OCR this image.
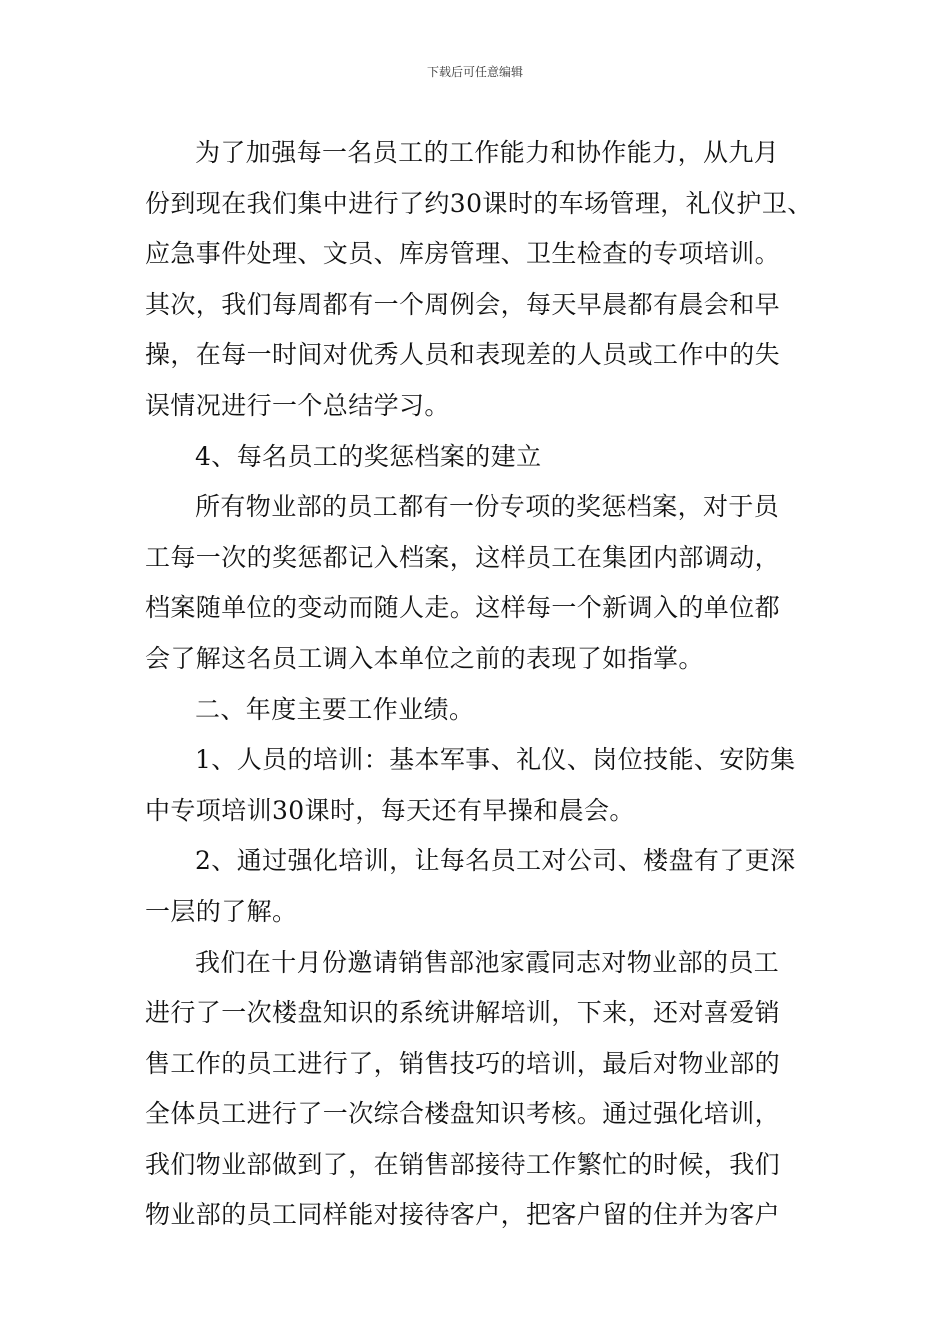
下载后可任意编辑
为了加强每一名员工的工作能力和协作能力，从九月
份到现在我们集中进行了约30课时的车场管理，礼仪护卫、
应急事件处理、文员、库房管理、卫生检查的专项培训。
其次，我们每周都有一个周例会，每天早晨都有晨会和早
操，在每一时间对优秀人员和表现差的人员或工作中的失
误情况进行一个总结学习。
4、每名员工的奖惩档案的建立
所有物业部的员工都有一份专项的奖惩档案，对于员
工每一次的奖惩都记入档案，这样员工在集团内部调动，
档案随单位的变动而随人走。这样每一个新调入的单位都
会了解这名员工调入本单位之前的表现了如指掌。
二、年度主要工作业绩。
1、人员的培训：基本军事、礼仪、岗位技能、安防集
中专项培训30课时，每天还有早操和晨会。
2、通过强化培训，让每名员工对公司、楼盘有了更深
一层的了解。
我们在十月份邀请销售部池家霞同志对物业部的员工
进行了一次楼盘知识的系统讲解培训，下来，还对喜爱销
售工作的员工进行了，销售技巧的培训，最后对物业部的
全体员工进行了一次综合楼盘知识考核。通过强化培训，
我们物业部做到了，在销售部接待工作繁忙的时候，我们
物业部的员工同样能对接待客户，把客户留的住并为客户
